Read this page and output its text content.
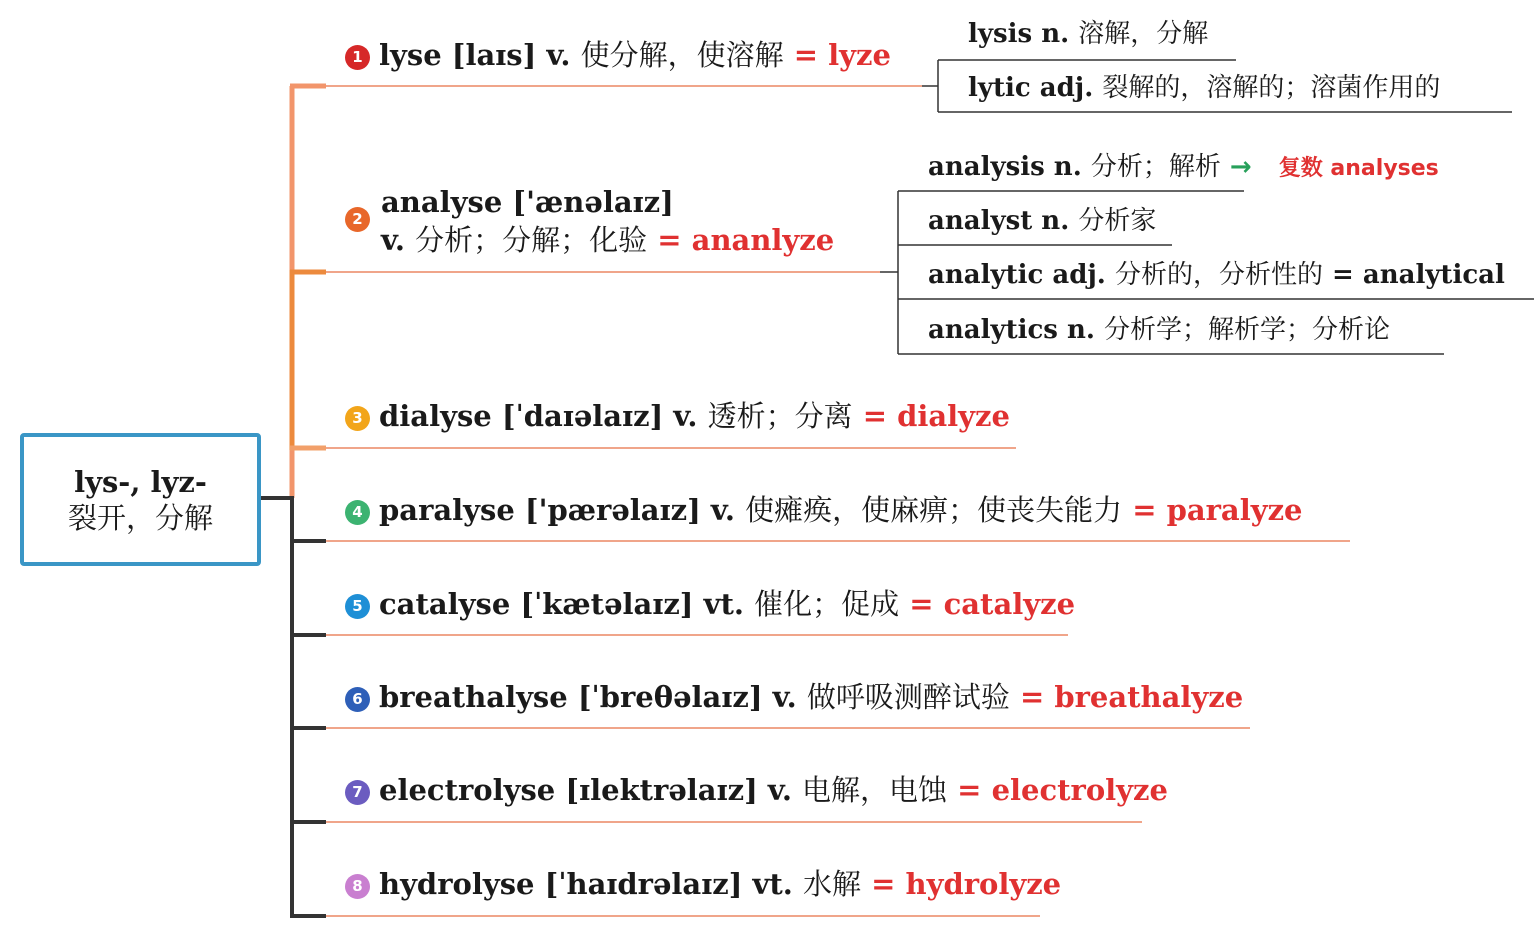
lys-, lyz-
裂开，分解
1 lyse [laɪs] v. 使分解，使溶解 = lyze
2 analyse ['ænəlaɪz]
v. 分析；分解；化验 = ananlyze
3 dialyse [ˈdaɪəlaɪz] v. 透析；分离 = dialyze
4 paralyse ['pærəlaɪz] v. 使瘫痪，使麻痹；使丧失能力 = paralyze
5 catalyse [ˈkætəlaɪz] vt. 催化；促成 = catalyze
6 breathalyse [ˈbreθəlaɪz] v. 做呼吸测醉试验 = breathalyze
7 electrolyse [ɪlektrəlaɪz] v. 电解，电蚀 = electrolyze
8 hydrolyse [ˈhaɪdrəlaɪz] vt. 水解 = hydrolyze
lysis n. 溶解，分解
lytic adj. 裂解的，溶解的；溶菌作用的
analysis n. 分析；解析 → 复数 analyses
analyst n. 分析家
analytic adj. 分析的，分析性的 = analytical
analytics n. 分析学；解析学；分析论
